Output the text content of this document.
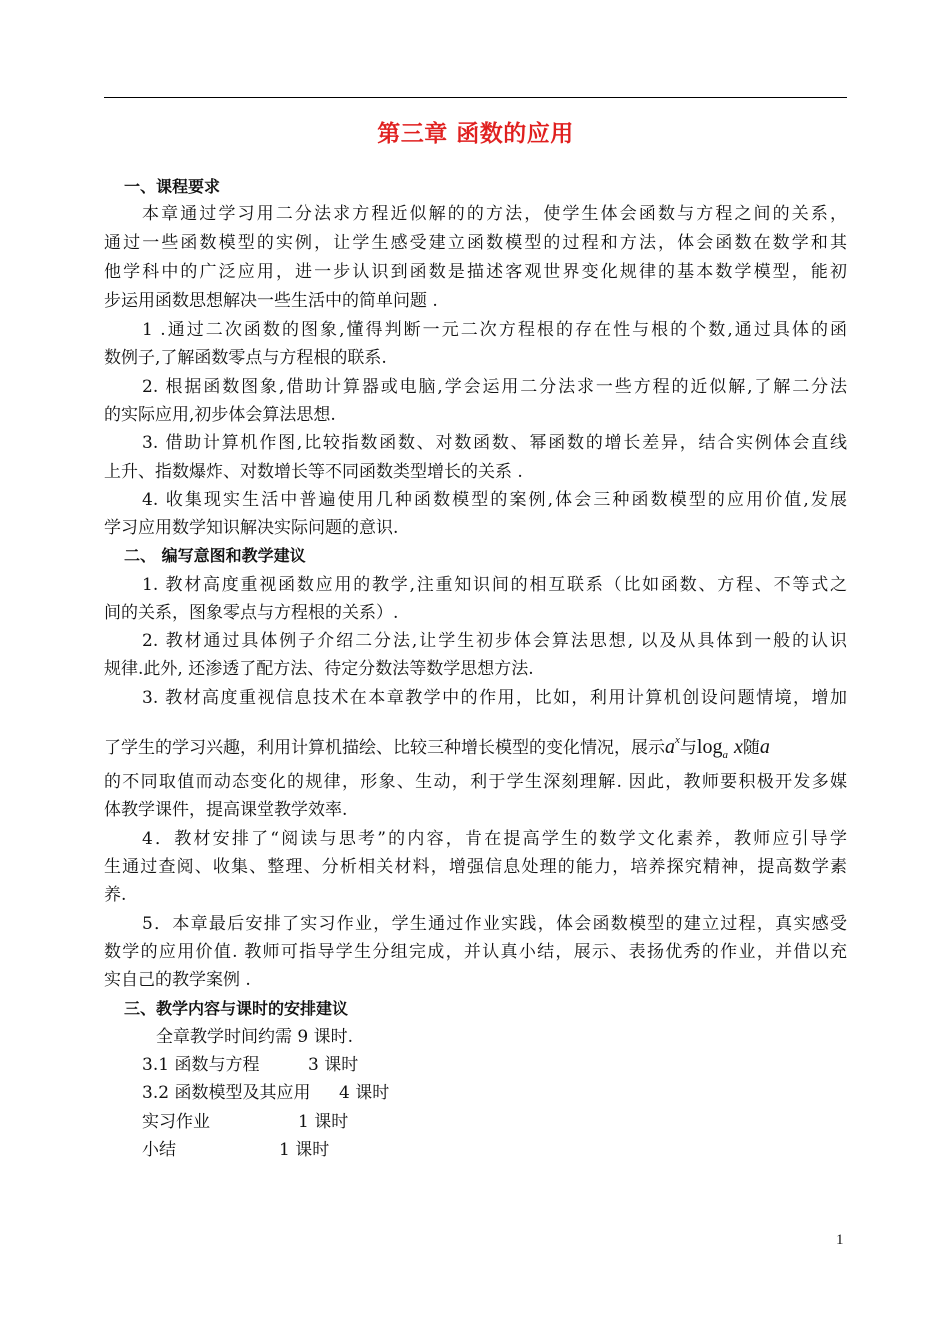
第三章 函数的应用
一、课程要求
本章通过学习用二分法求方程近似解的的方法，使学生体会函数与方程之间的关系，
通过一些函数模型的实例，让学生感受建立函数模型的过程和方法，体会函数在数学和其
他学科中的广泛应用，进一步认识到函数是描述客观世界变化规律的基本数学模型，能初
步运用函数思想解决一些生活中的简单问题 .
1 .通过二次函数的图象,懂得判断一元二次方程根的存在性与根的个数,通过具体的函
数例子,了解函数零点与方程根的联系.
2. 根据函数图象,借助计算器或电脑,学会运用二分法求一些方程的近似解,了解二分法
的实际应用,初步体会算法思想.
3. 借助计算机作图,比较指数函数、对数函数、幂函数的增长差异，结合实例体会直线
上升、指数爆炸、对数增长等不同函数类型增长的关系 .
4. 收集现实生活中普遍使用几种函数模型的案例,体会三种函数模型的应用价值,发展
学习应用数学知识解决实际问题的意识.
二、 编写意图和教学建议
1. 教材高度重视函数应用的教学,注重知识间的相互联系（比如函数、方程、不等式之
间的关系，图象零点与方程根的关系）.
2. 教材通过具体例子介绍二分法,让学生初步体会算法思想, 以及从具体到一般的认识
规律.此外, 还渗透了配方法、待定分数法等数学思想方法.
3. 教材高度重视信息技术在本章教学中的作用，比如，利用计算机创设问题情境，增加
了学生的学习兴趣，利用计算机描绘、比较三种增长模型的变化情况，展示$a^x$与$\log_a x$随a
的不同取值而动态变化的规律，形象、生动，利于学生深刻理解. 因此，教师要积极开发多媒
体教学课件，提高课堂教学效率.
4．教材安排了“阅读与思考”的内容，肯在提高学生的数学文化素养，教师应引导学
生通过查阅、收集、整理、分析相关材料，增强信息处理的能力，培养探究精神，提高数学素
养.
5．本章最后安排了实习作业，学生通过作业实践，体会函数模型的建立过程，真实感受
数学的应用价值. 教师可指导学生分组完成，并认真小结，展示、表扬优秀的作业，并借以充
实自己的教学案例 .
三、教学内容与课时的安排建议
全章教学时间约需 9 课时.
3.1 函数与方程	3 课时
3.2 函数模型及其应用 4 课时
实习作业	1 课时
小结	1 课时
1
